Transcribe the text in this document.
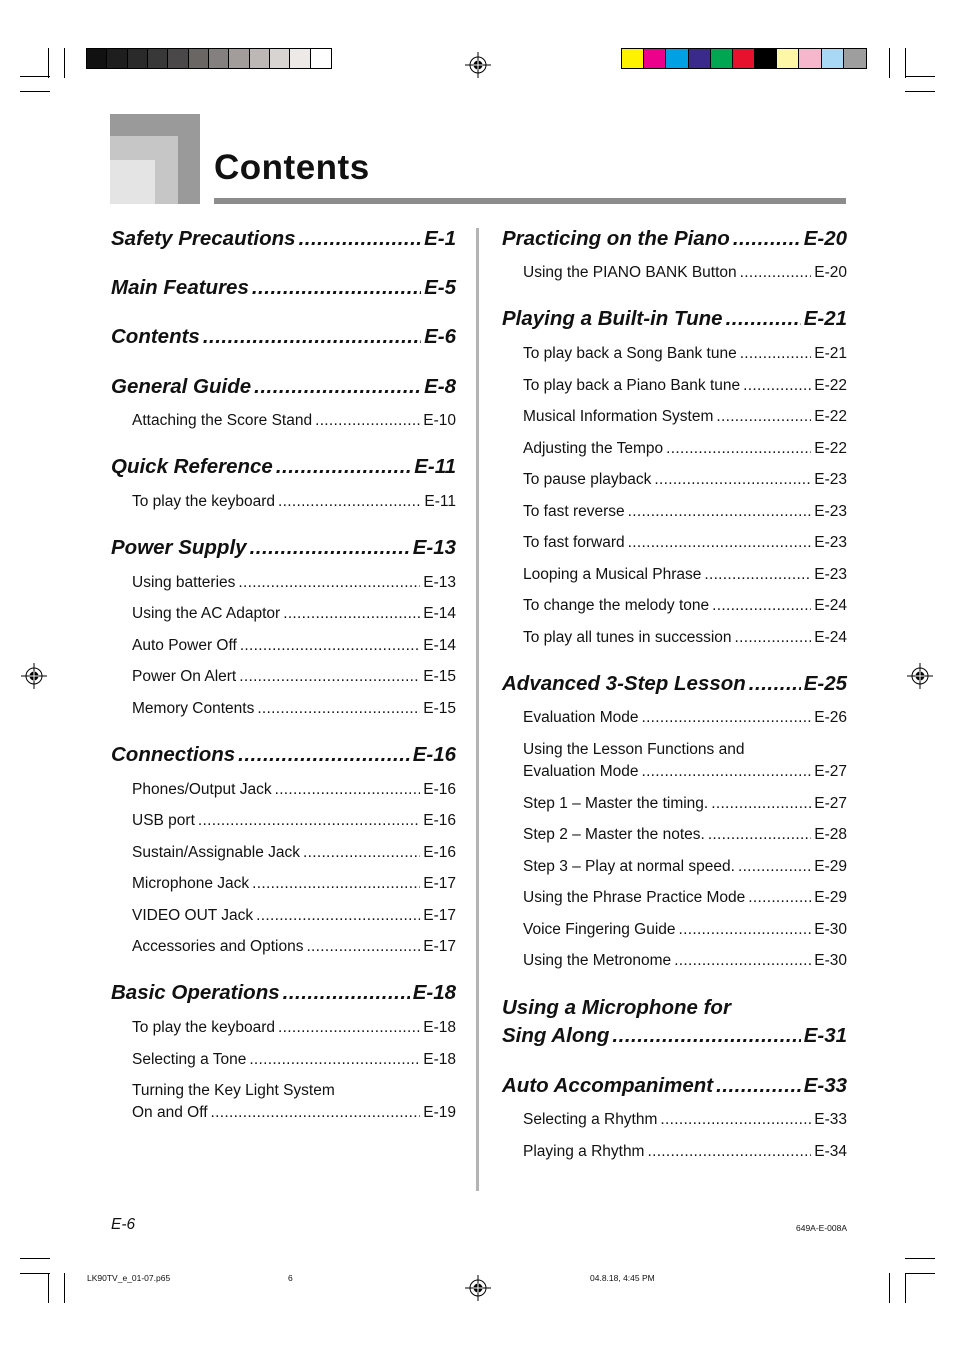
Contents
Safety Precautions .....	E-1
Main Features .....	E-5
Contents .....	E-6
General Guide .....	E-8
Attaching the Score Stand .....	E-10
Quick Reference .....	E-11
To play the keyboard .....	E-11
Power Supply .....	E-13
Using batteries .....	E-13
Using the AC Adaptor .....	E-14
Auto Power Off .....	E-14
Power On Alert .....	E-15
Memory Contents .....	E-15
Connections .....	E-16
Phones/Output Jack .....	E-16
USB port .....	E-16
Sustain/Assignable Jack .....	E-16
Microphone Jack .....	E-17
VIDEO OUT Jack .....	E-17
Accessories and Options .....	E-17
Basic Operations .....	E-18
To play the keyboard .....	E-18
Selecting a Tone .....	E-18
Turning the Key Light System
On and Off .....	E-19
Practicing on the Piano .....	E-20
Using the PIANO BANK Button .....	E-20
Playing a Built-in Tune .....	E-21
To play back a Song Bank tune .....	E-21
To play back a Piano Bank tune .....	E-22
Musical Information System .....	E-22
Adjusting the Tempo .....	E-22
To pause playback .....	E-23
To fast reverse .....	E-23
To fast forward .....	E-23
Looping a Musical Phrase .....	E-23
To change the melody tone .....	E-24
To play all tunes in succession .....	E-24
Advanced 3-Step Lesson .....	E-25
Evaluation Mode .....	E-26
Using the Lesson Functions and
Evaluation Mode .....	E-27
Step 1 – Master the timing. .....	E-27
Step 2 – Master the notes. .....	E-28
Step 3 – Play at normal speed. .....	E-29
Using the Phrase Practice Mode .....	E-29
Voice Fingering Guide .....	E-30
Using the Metronome .....	E-30
Using a Microphone for
Sing Along .....	E-31
Auto Accompaniment .....	E-33
Selecting a Rhythm .....	E-33
Playing a Rhythm .....	E-34
E-6	649A-E-008A
LK90TV_e_01-07.p65	6	04.8.18, 4:45 PM
